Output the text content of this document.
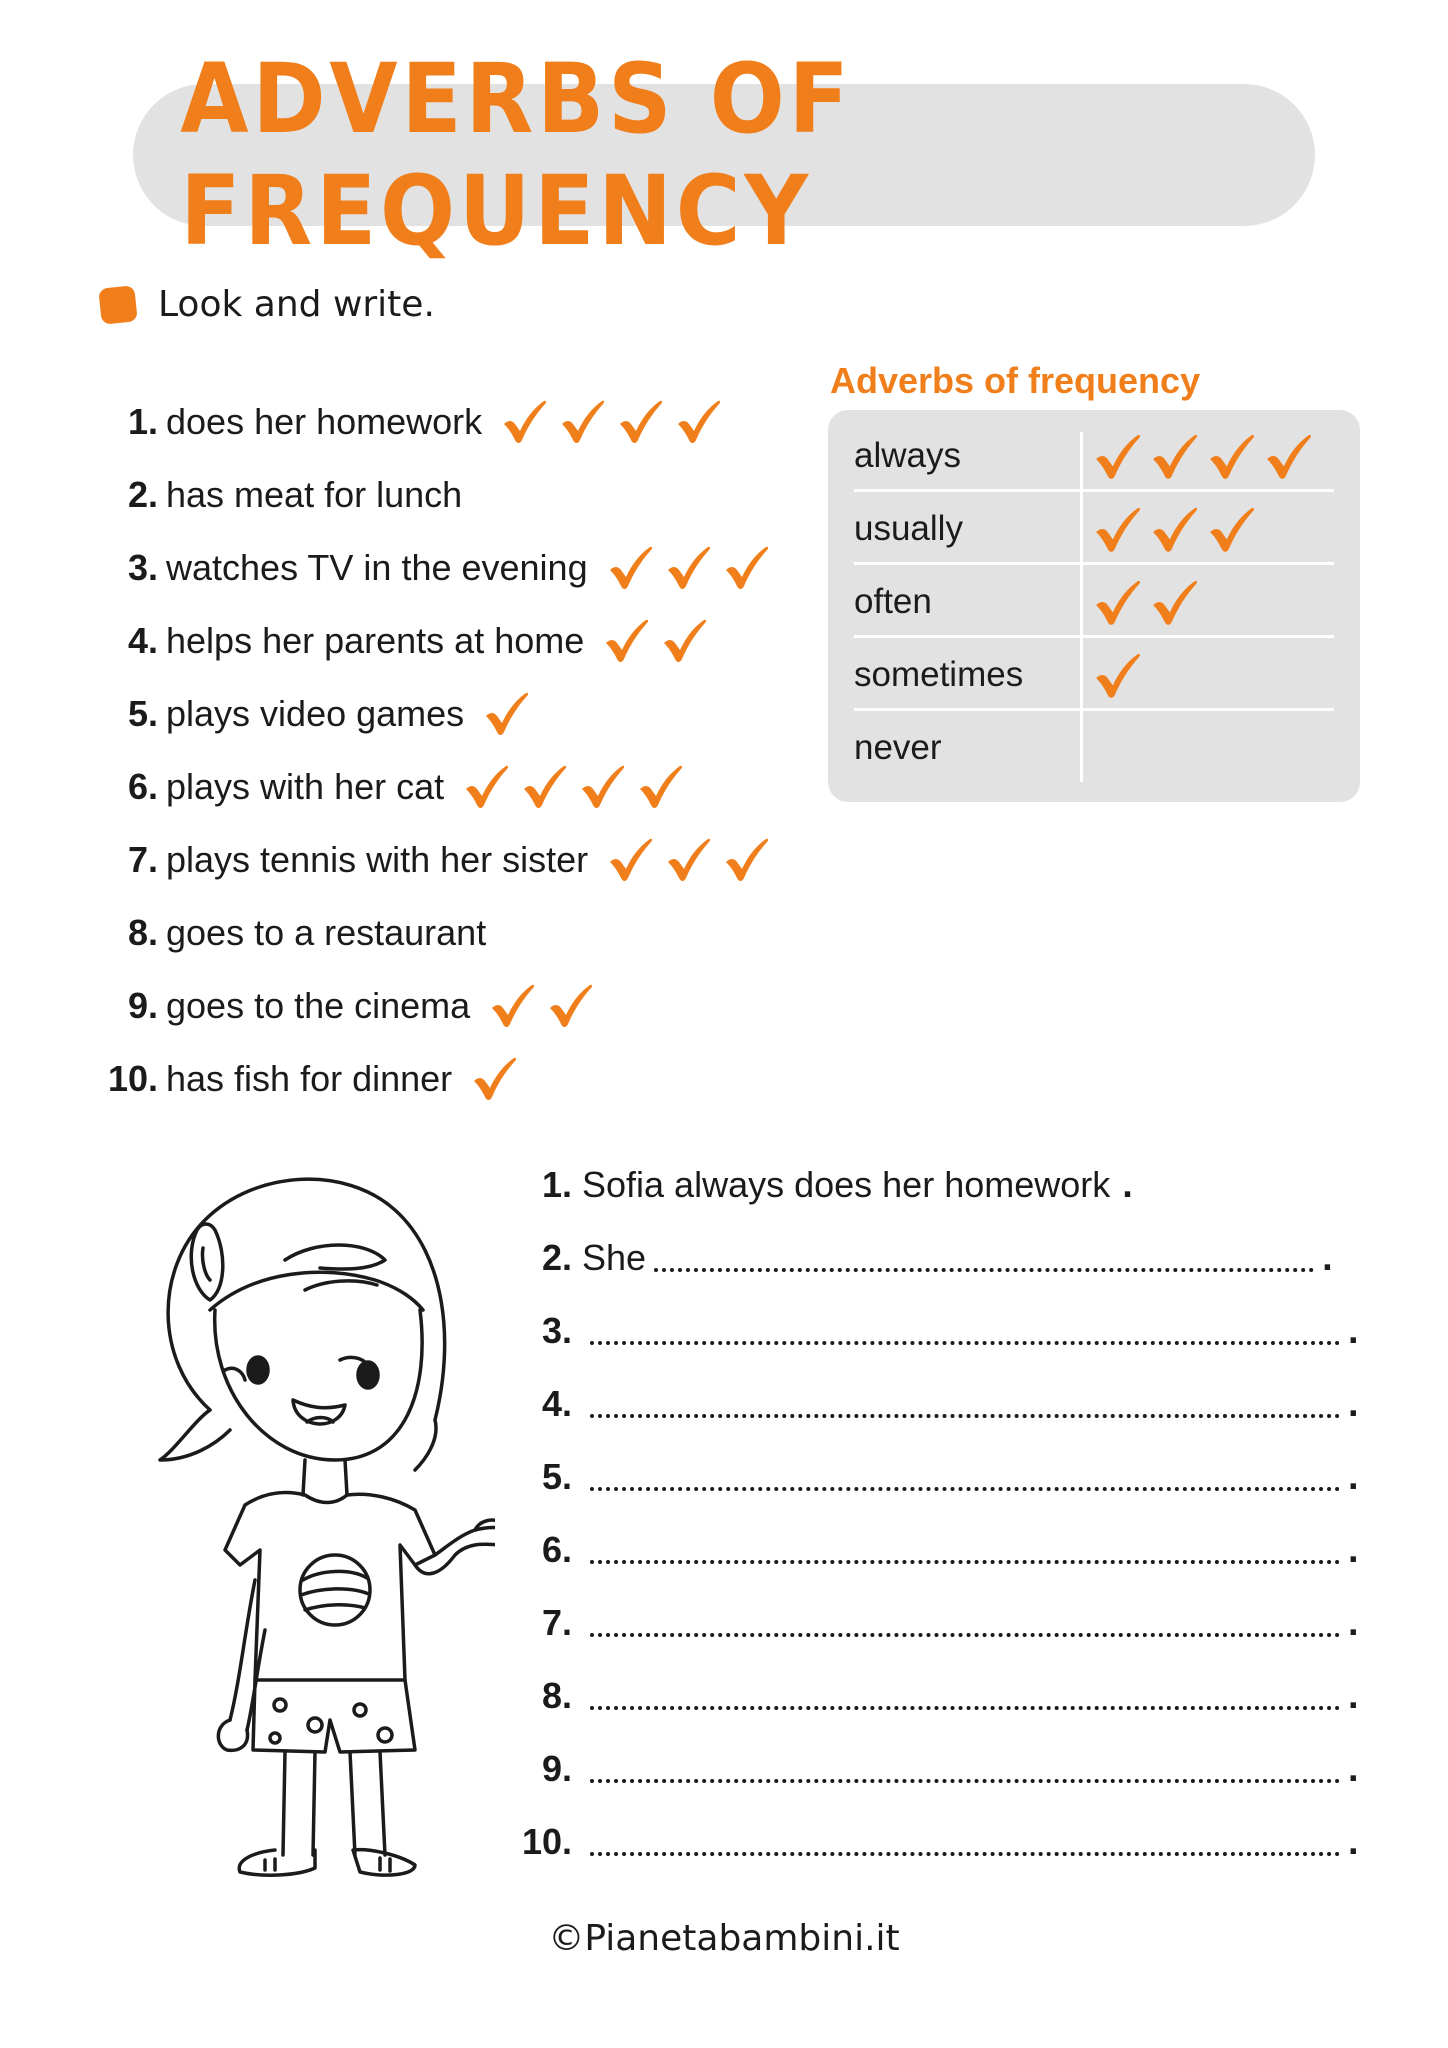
ADVERBS OF FREQUENCY
Look and write.
1. does her homework
2. has meat for lunch
3. watches TV in the evening
4. helps her parents at home
5. plays video games
6. plays with her cat
7. plays tennis with her sister
8. goes to a restaurant
9. goes to the cinema
10. has fish for dinner
Adverbs of frequency
always
usually
often
sometimes
never
1. Sofia always does her homework .
2. She	.
3.	.
4.	.
5.	.
6.	.
7.	.
8.	.
9.	.
10.	.
©Pianetabambini.it
